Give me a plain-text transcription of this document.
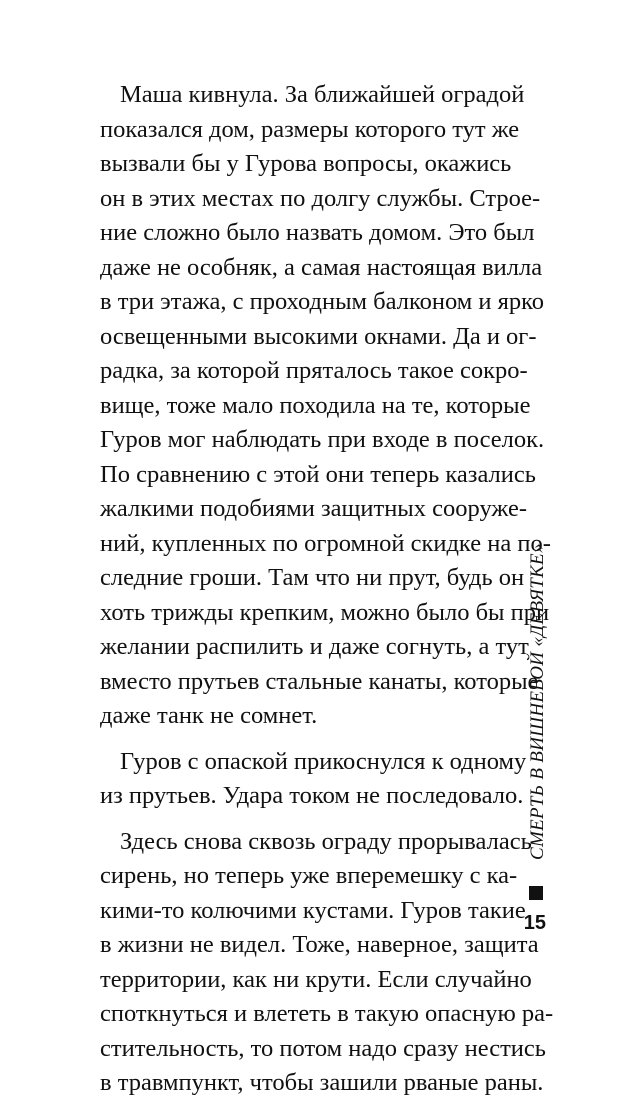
Маша кивнула. За ближайшей оградой
показался дом, размеры которого тут же
вызвали бы у Гурова вопросы, окажись
он в этих местах по долгу службы. Строе-
ние сложно было назвать домом. Это был
даже не особняк, а самая настоящая вилла
в три этажа, с проходным балконом и ярко
освещенными высокими окнами. Да и ог-
радка, за которой пряталось такое сокро-
вище, тоже мало походила на те, которые
Гуров мог наблюдать при входе в поселок.
По сравнению с этой они теперь казались
жалкими подобиями защитных сооруже-
ний, купленных по огромной скидке на по-
следние гроши. Там что ни прут, будь он
хоть трижды крепким, можно было бы при
желании распилить и даже согнуть, а тут
вместо прутьев стальные канаты, которые
даже танк не сомнет.
Гуров с опаской прикоснулся к одному
из прутьев. Удара током не последовало.
Здесь снова сквозь ограду прорывалась
сирень, но теперь уже вперемешку с ка-
кими-то колючими кустами. Гуров такие
в жизни не видел. Тоже, наверное, защита
территории, как ни крути. Если случайно
споткнуться и влететь в такую опасную ра-
стительность, то потом надо сразу нестись
в травмпункт, чтобы зашили рваные раны.
СМЕРТЬ В ВИШНЕВОЙ «ДЕВЯТКЕ»
15
